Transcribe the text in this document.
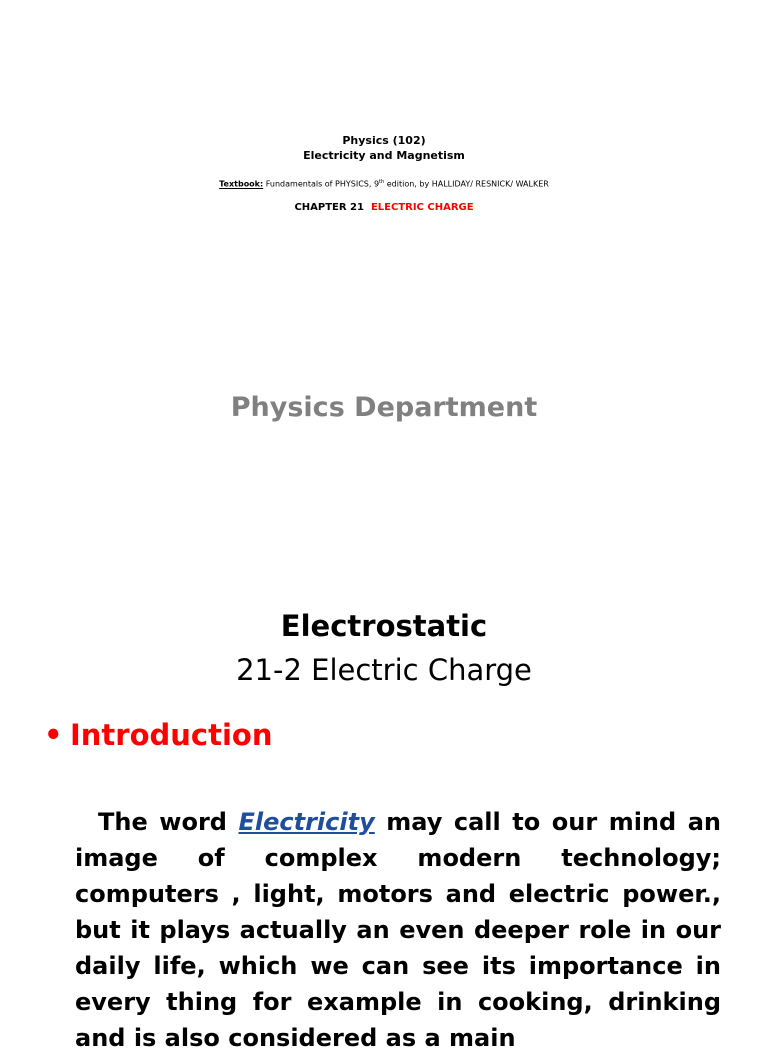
Physics (102)
Electricity and Magnetism
Textbook: Fundamentals of PHYSICS, 9th edition, by HALLIDAY/ RESNICK/ WALKER
CHAPTER 21 ELECTRIC CHARGE
Physics Department
Electrostatic
21-2 Electric Charge
• Introduction
The word Electricity may call to our mind an image of complex modern technology; computers , light, motors and electric power., but it plays actually an even deeper role in our daily life, which we can see its importance in every thing for example in cooking, drinking and is also considered as a main
